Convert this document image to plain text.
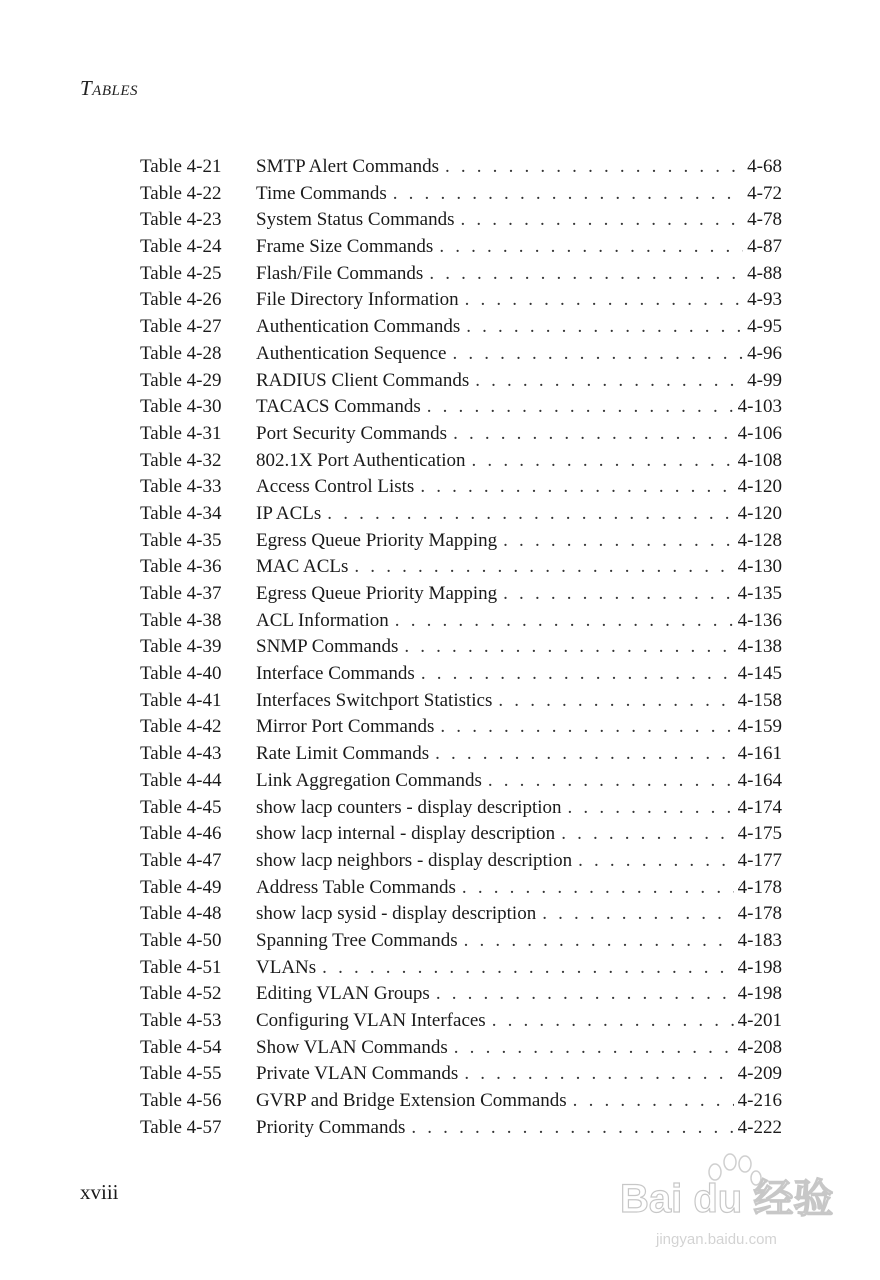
Tables
Table 4-21	SMTP Alert Commands . . .	4-68
Table 4-22	Time Commands . . .	4-72
Table 4-23	System Status Commands . . .	4-78
Table 4-24	Frame Size Commands . . .	4-87
Table 4-25	Flash/File Commands . . .	4-88
Table 4-26	File Directory Information . . .	4-93
Table 4-27	Authentication Commands . . .	4-95
Table 4-28	Authentication Sequence . . .	4-96
Table 4-29	RADIUS Client Commands . . .	4-99
Table 4-30	TACACS Commands . . .	4-103
Table 4-31	Port Security Commands . . .	4-106
Table 4-32	802.1X Port Authentication . . .	4-108
Table 4-33	Access Control Lists . . .	4-120
Table 4-34	IP ACLs . . .	4-120
Table 4-35	Egress Queue Priority Mapping . . .	4-128
Table 4-36	MAC ACLs . . .	4-130
Table 4-37	Egress Queue Priority Mapping . . .	4-135
Table 4-38	ACL Information . . .	4-136
Table 4-39	SNMP Commands . . .	4-138
Table 4-40	Interface Commands . . .	4-145
Table 4-41	Interfaces Switchport Statistics . . .	4-158
Table 4-42	Mirror Port Commands . . .	4-159
Table 4-43	Rate Limit Commands . . .	4-161
Table 4-44	Link Aggregation Commands . . .	4-164
Table 4-45	show lacp counters - display description . . .	4-174
Table 4-46	show lacp internal - display description . . .	4-175
Table 4-47	show lacp neighbors - display description . . .	4-177
Table 4-49	Address Table Commands . . .	4-178
Table 4-48	show lacp sysid - display description . . .	4-178
Table 4-50	Spanning Tree Commands . . .	4-183
Table 4-51	VLANs . . .	4-198
Table 4-52	Editing VLAN Groups . . .	4-198
Table 4-53	Configuring VLAN Interfaces . . .	4-201
Table 4-54	Show VLAN Commands . . .	4-208
Table 4-55	Private VLAN Commands . . .	4-209
Table 4-56	GVRP and Bridge Extension Commands . . .	4-216
Table 4-57	Priority Commands . . .	4-222
xviii	Bai du 经验
jingyan.baidu.com
